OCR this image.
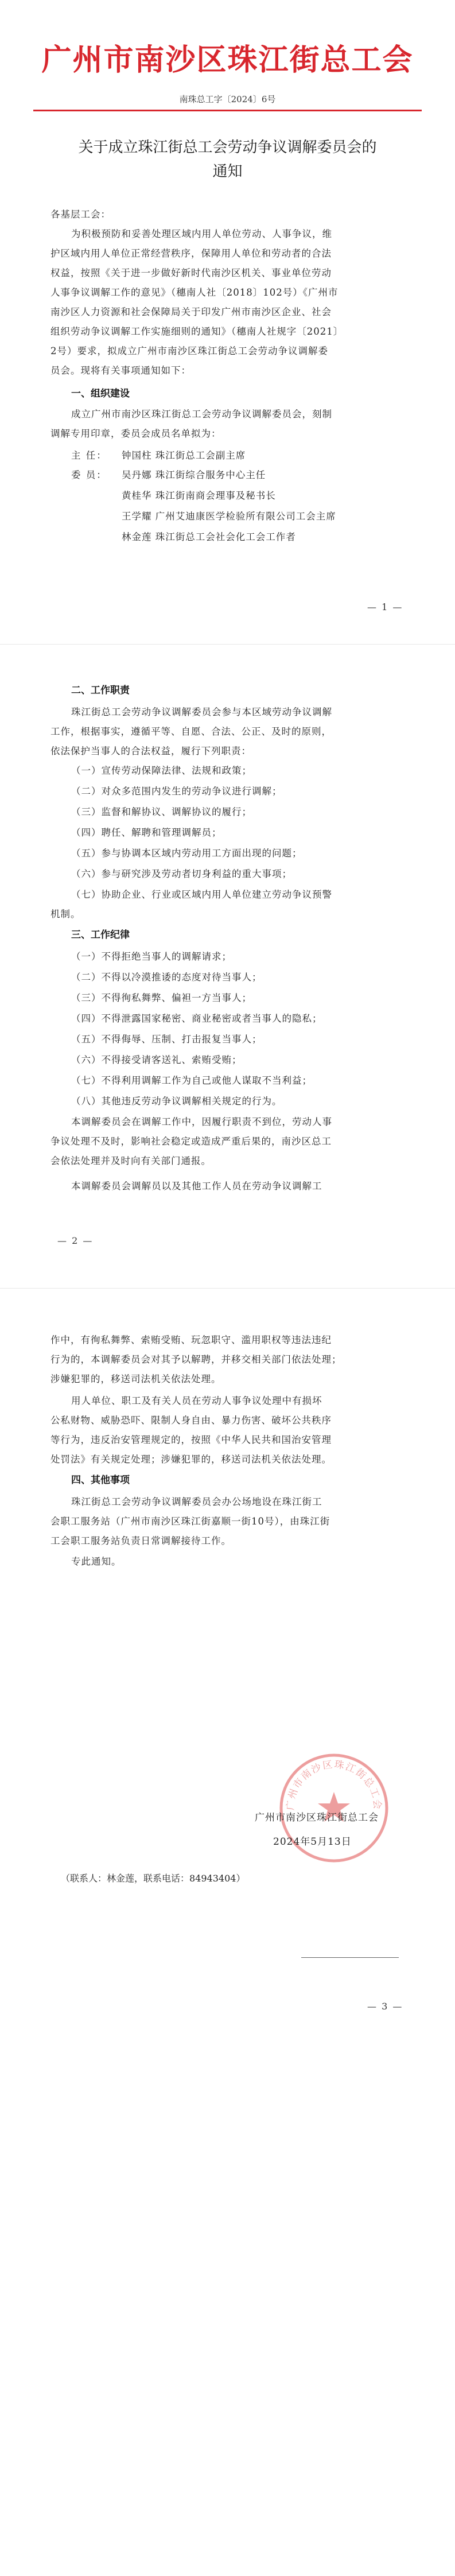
广州市南沙区珠江街总工会
南珠总工字〔2024〕6号
关于成立珠江街总工会劳动争议调解委员会的
通知
各基层工会：
为积极预防和妥善处理区域内用人单位劳动、人事争议，维
护区域内用人单位正常经营秩序，保障用人单位和劳动者的合法
权益，按照《关于进一步做好新时代南沙区机关、事业单位劳动
人事争议调解工作的意见》（穗南人社〔2018〕102号）《广州市
南沙区人力资源和社会保障局关于印发广州市南沙区企业、社会
组织劳动争议调解工作实施细则的通知》（穗南人社规字〔2021〕
2号）要求，拟成立广州市南沙区珠江街总工会劳动争议调解委
员会。现将有关事项通知如下：
一、组织建设
成立广州市南沙区珠江街总工会劳动争议调解委员会，刻制
调解专用印章，委员会成员名单拟为：
主 任： 钟国柱 珠江街总工会副主席
委 员： 吴丹娜 珠江街综合服务中心主任
黄桂华 珠江街南商会理事及秘书长
王学耀 广州艾迪康医学检验所有限公司工会主席
林金莲 珠江街总工会社会化工会工作者
— 1 —
二、工作职责
珠江街总工会劳动争议调解委员会参与本区域劳动争议调解
工作，根据事实，遵循平等、自愿、合法、公正、及时的原则，
依法保护当事人的合法权益，履行下列职责：
（一）宣传劳动保障法律、法规和政策；
（二）对众多范围内发生的劳动争议进行调解；
（三）监督和解协议、调解协议的履行；
（四）聘任、解聘和管理调解员；
（五）参与协调本区域内劳动用工方面出现的问题；
（六）参与研究涉及劳动者切身利益的重大事项；
（七）协助企业、行业或区域内用人单位建立劳动争议预警
机制。
三、工作纪律
（一）不得拒绝当事人的调解请求；
（二）不得以冷漠推诿的态度对待当事人；
（三）不得徇私舞弊、偏袒一方当事人；
（四）不得泄露国家秘密、商业秘密或者当事人的隐私；
（五）不得侮辱、压制、打击报复当事人；
（六）不得接受请客送礼、索贿受贿；
（七）不得利用调解工作为自己或他人谋取不当利益；
（八）其他违反劳动争议调解相关规定的行为。
本调解委员会在调解工作中，因履行职责不到位，劳动人事
争议处理不及时，影响社会稳定或造成严重后果的，南沙区总工
会依法处理并及时向有关部门通报。
本调解委员会调解员以及其他工作人员在劳动争议调解工
— 2 —
作中，有徇私舞弊、索贿受贿、玩忽职守、滥用职权等违法违纪
行为的，本调解委员会对其予以解聘，并移交相关部门依法处理；
涉嫌犯罪的，移送司法机关依法处理。
用人单位、职工及有关人员在劳动人事争议处理中有损坏
公私财物、威胁恐吓、限制人身自由、暴力伤害、破坏公共秩序
等行为，违反治安管理规定的，按照《中华人民共和国治安管理
处罚法》有关规定处理；涉嫌犯罪的，移送司法机关依法处理。
四、其他事项
珠江街总工会劳动争议调解委员会办公场地设在珠江街工
会职工服务站（广州市南沙区珠江街嘉顺一街10号），由珠江街
工会职工服务站负责日常调解接待工作。
专此通知。
广州市南沙区珠江街总工会
广州市南沙区珠江街总工会
2024年5月13日
（联系人：林金莲，联系电话：84943404）
— 3 —
